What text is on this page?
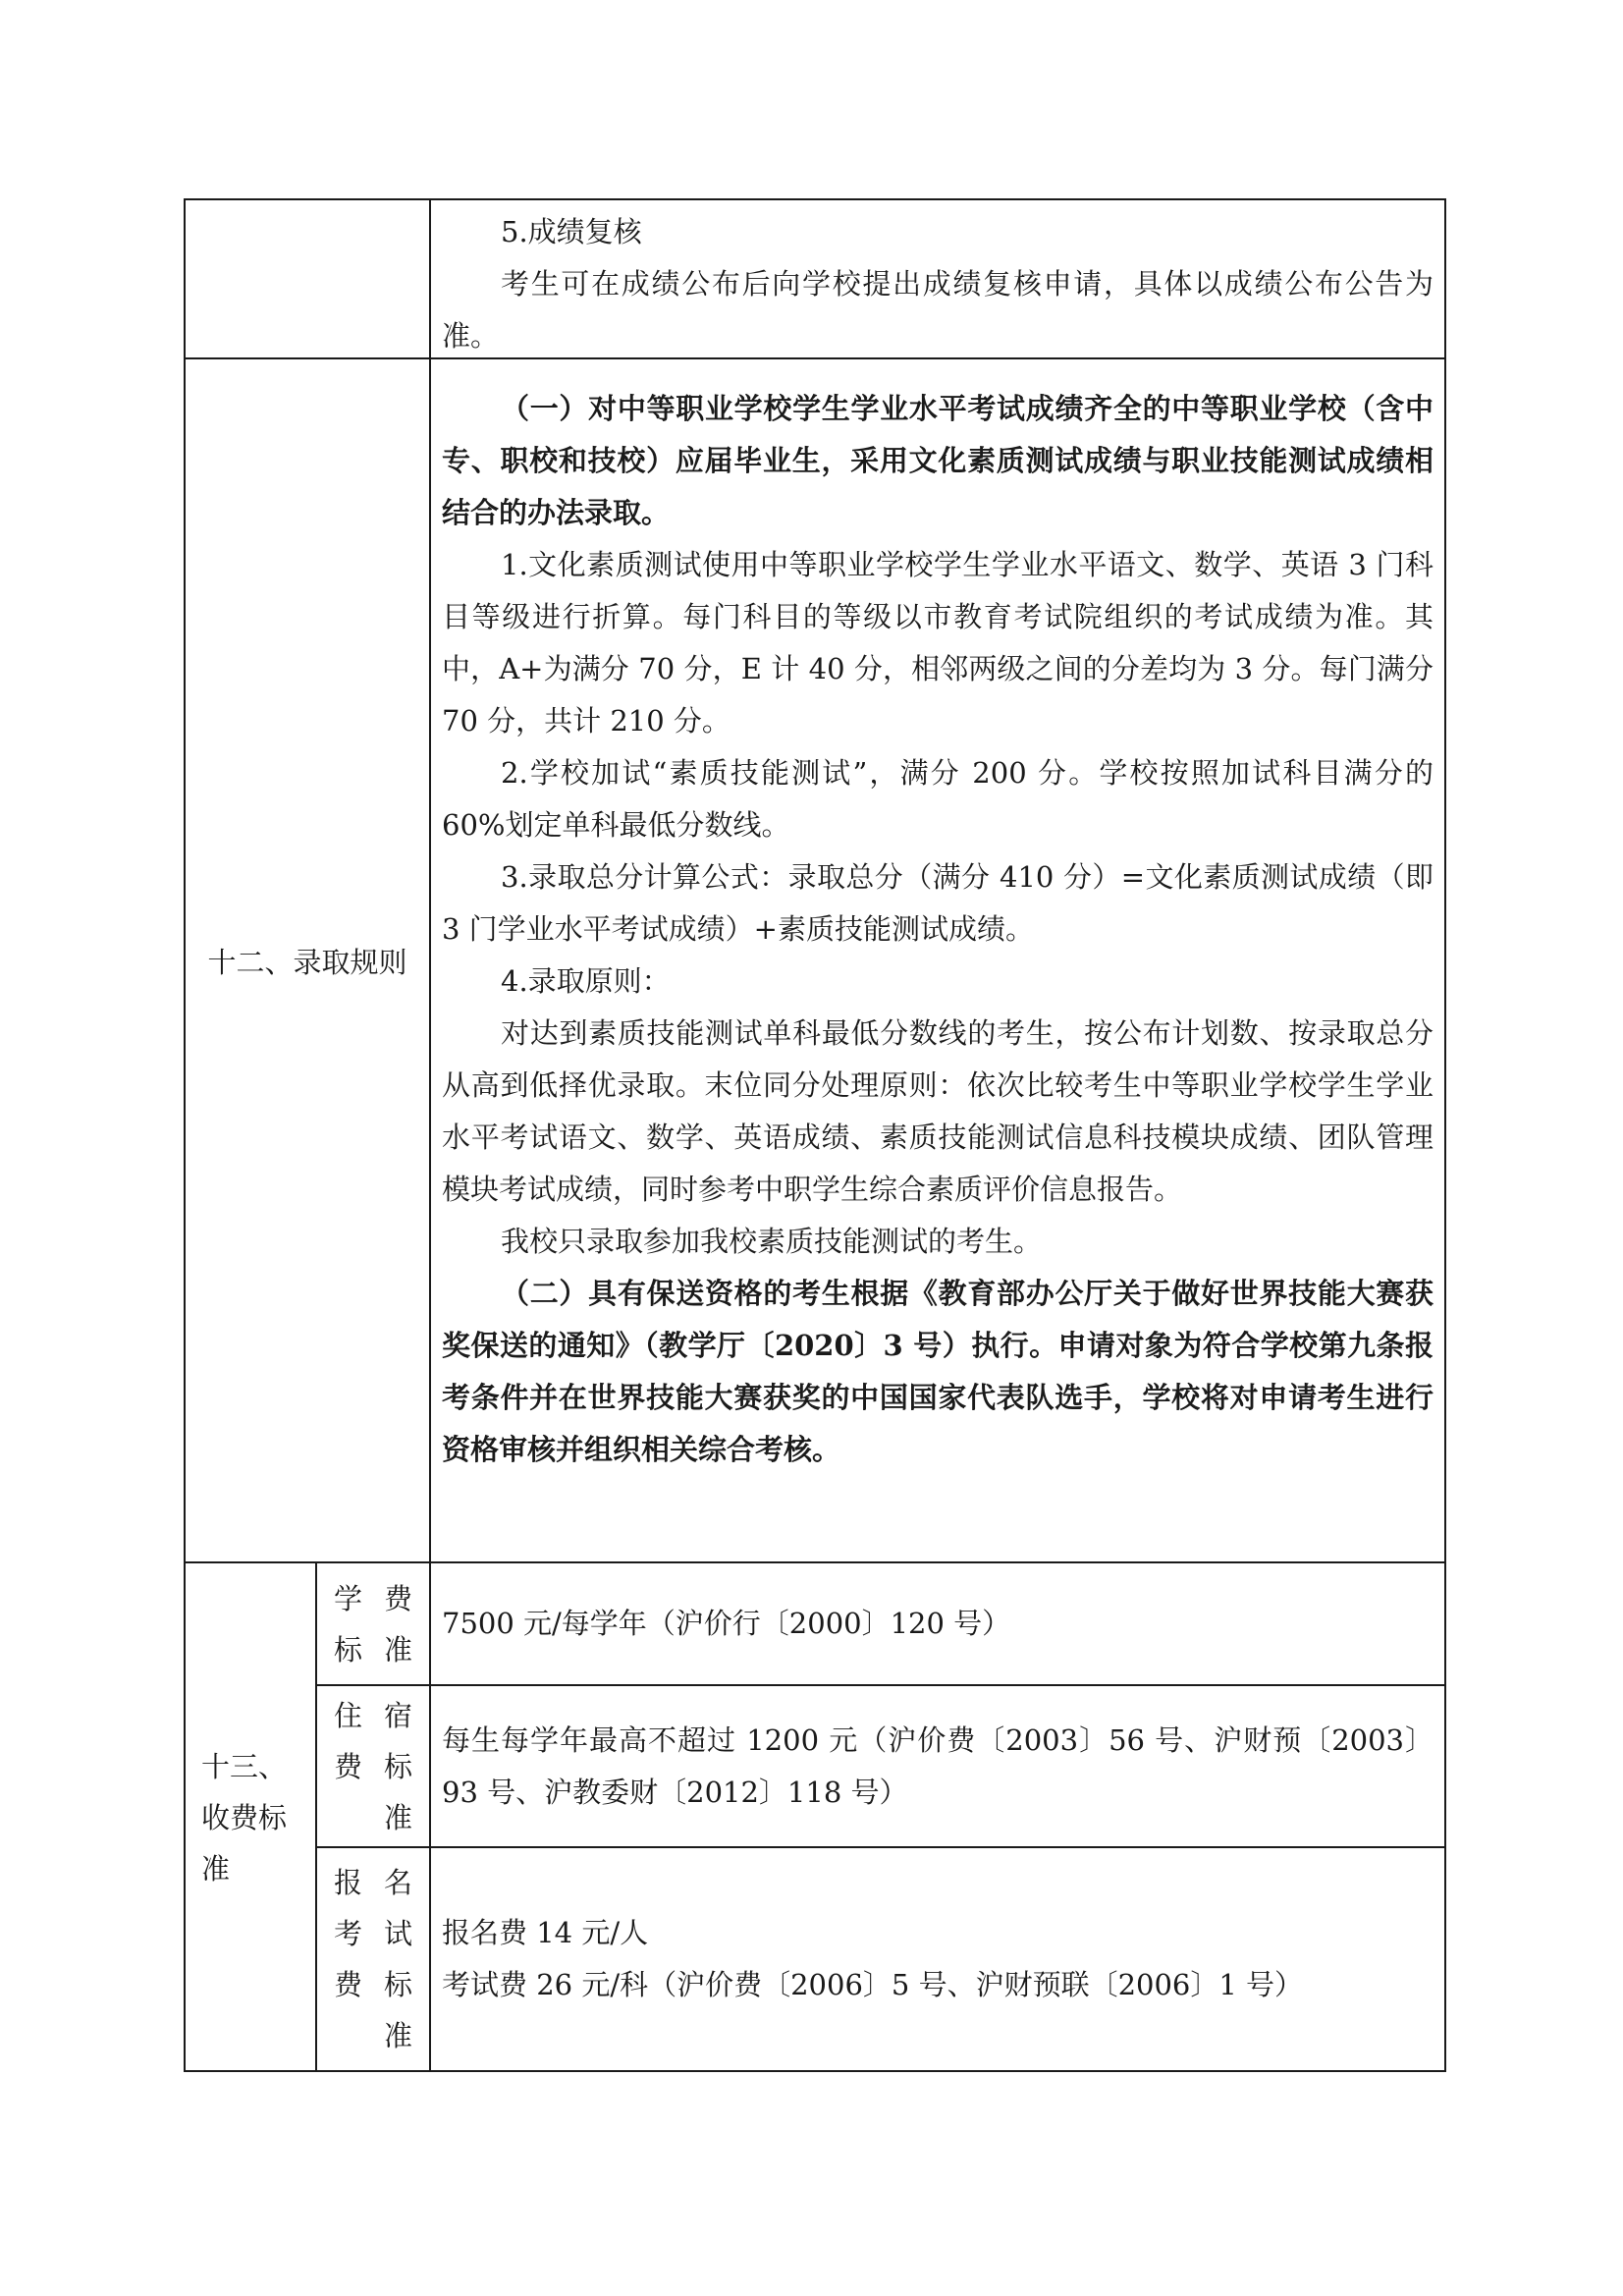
5.成绩复核

考生可在成绩公布后向学校提出成绩复核申请，具体以成绩公布公告为准。

十二、录取规则

（一）对中等职业学校学生学业水平考试成绩齐全的中等职业学校（含中专、职校和技校）应届毕业生，采用文化素质测试成绩与职业技能测试成绩相结合的办法录取。

1.文化素质测试使用中等职业学校学生学业水平语文、数学、英语 3 门科目等级进行折算。每门科目的等级以市教育考试院组织的考试成绩为准。其中，A+为满分 70 分，E 计 40 分，相邻两级之间的分差均为 3 分。每门满分 70 分，共计 210 分。

2.学校加试“素质技能测试”，满分 200 分。学校按照加试科目满分的 60%划定单科最低分数线。

3.录取总分计算公式：录取总分（满分 410 分）=文化素质测试成绩（即 3 门学业水平考试成绩）+素质技能测试成绩。

4.录取原则：

对达到素质技能测试单科最低分数线的考生，按公布计划数、按录取总分从高到低择优录取。末位同分处理原则：依次比较考生中等职业学校学生学业水平考试语文、数学、英语成绩、素质技能测试信息科技模块成绩、团队管理模块考试成绩，同时参考中职学生综合素质评价信息报告。

我校只录取参加我校素质技能测试的考生。

（二）具有保送资格的考生根据《教育部办公厅关于做好世界技能大赛获奖保送的通知》（教学厅〔2020〕3 号）执行。申请对象为符合学校第九条报考条件并在世界技能大赛获奖的中国国家代表队选手，学校将对申请考生进行资格审核并组织相关综合考核。

十三、收费标准
学 费
标 准
7500 元/每学年（沪价行〔2000〕120 号）
住 宿
费 标
准
每生每学年最高不超过 1200 元（沪价费〔2003〕56 号、沪财预〔2003〕93 号、沪教委财〔2012〕118 号）
报 名
考 试
费 标
准

报名费 14 元/人

考试费 26 元/科（沪价费〔2006〕5 号、沪财预联〔2006〕1 号）
